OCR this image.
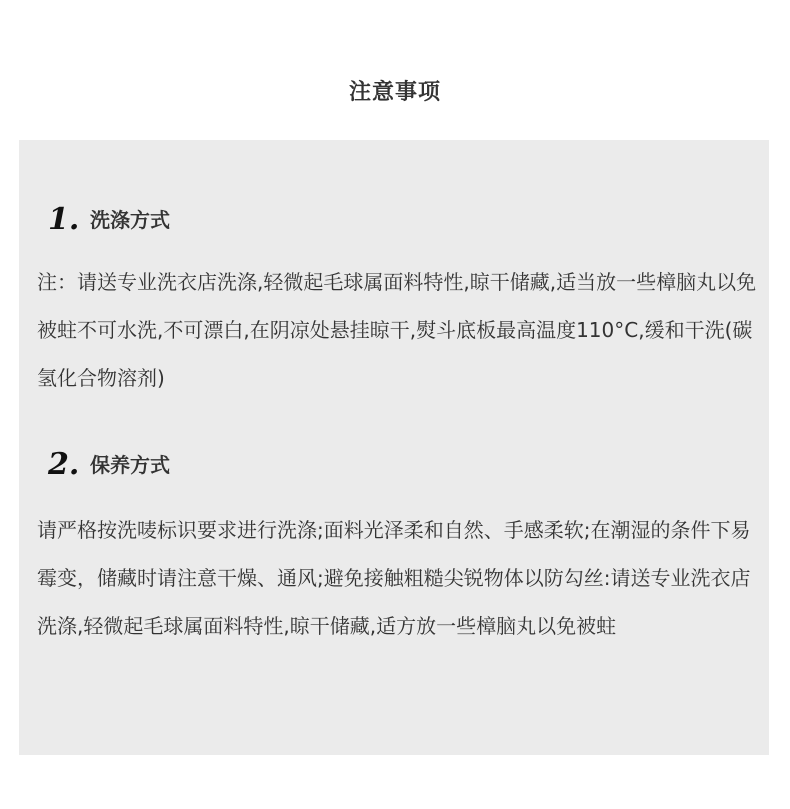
注意事项
1. 洗涤方式

注：请送专业洗衣店洗涤,轻微起毛球属面料特性,晾干储藏,适当放一些樟脑丸以免被蛀不可水洗,不可漂白,在阴凉处悬挂晾干,熨斗底板最高温度110°C,缓和干洗(碳氢化合物溶剂)

2. 保养方式

请严格按洗唛标识要求进行洗涤;面料光泽柔和自然、手感柔软;在潮湿的条件下易霉变，储藏时请注意干燥、通风;避免接触粗糙尖锐物体以防勾丝:请送专业洗衣店洗涤,轻微起毛球属面料特性,晾干储藏,适方放一些樟脑丸以免被蛀
